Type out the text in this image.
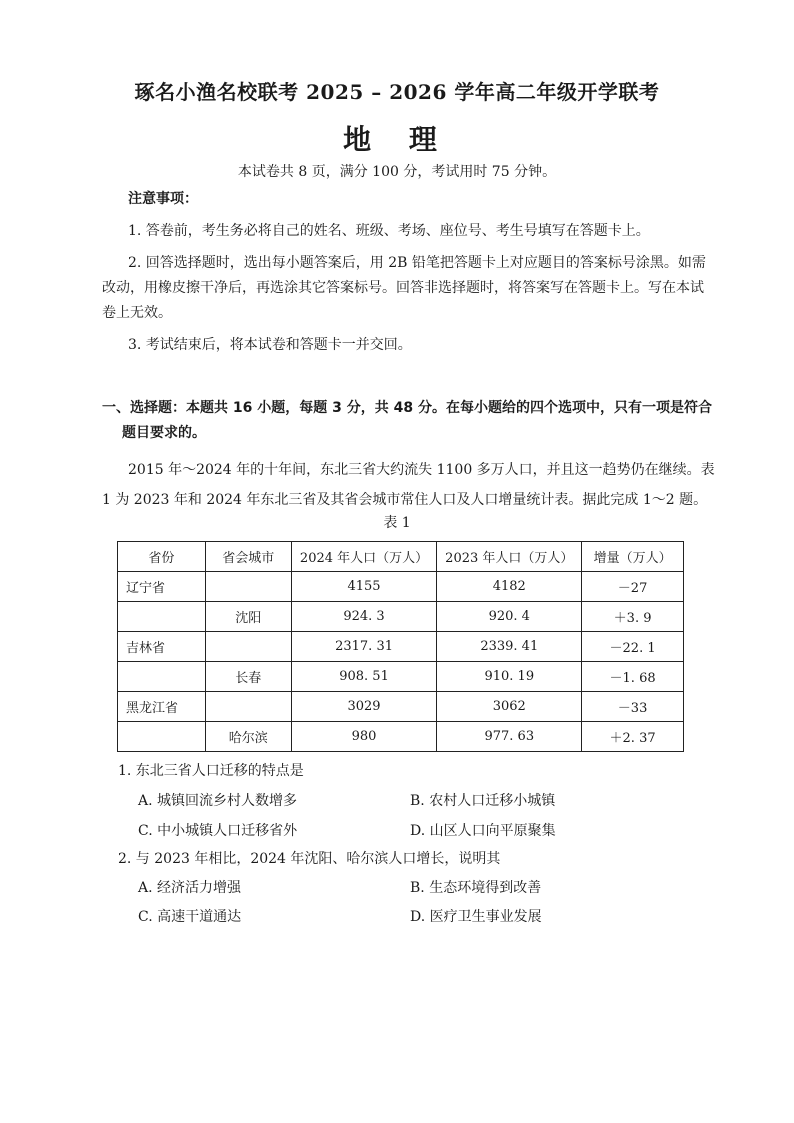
琢名小渔名校联考 2025 – 2026 学年高二年级开学联考
地 理
本试卷共 8 页，满分 100 分，考试用时 75 分钟。
注意事项：

1. 答卷前，考生务必将自己的姓名、班级、考场、座位号、考生号填写在答题卡上。

2. 回答选择题时，选出每小题答案后，用 2B 铅笔把答题卡上对应题目的答案标号涂黑。如需改动，用橡皮擦干净后，再选涂其它答案标号。回答非选择题时，将答案写在答题卡上。写在本试卷上无效。

3. 考试结束后，将本试卷和答题卡一并交回。

一、选择题：本题共 16 小题，每题 3 分，共 48 分。在每小题给的四个选项中，只有一项是符合
题目要求的。

2015 年～2024 年的十年间，东北三省大约流失 1100 多万人口，并且这一趋势仍在继续。表 1 为 2023 年和 2024 年东北三省及其省会城市常住人口及人口增量统计表。据此完成 1～2 题。

表 1
省份	省会城市	2024 年人口（万人）	2023 年人口（万人）	增量（万人）
辽宁省		4155	4182	－27
	沈阳	924. 3	920. 4	＋3. 9
吉林省		2317. 31	2339. 41	－22. 1
	长春	908. 51	910. 19	－1. 68
黑龙江省		3029	3062	－33
	哈尔滨	980	977. 63	＋2. 37
1. 东北三省人口迁移的特点是
A. 城镇回流乡村人数增多	B. 农村人口迁移小城镇
C. 中小城镇人口迁移省外	D. 山区人口向平原聚集
2. 与 2023 年相比，2024 年沈阳、哈尔滨人口增长，说明其
A. 经济活力增强	B. 生态环境得到改善
C. 高速干道通达	D. 医疗卫生事业发展
